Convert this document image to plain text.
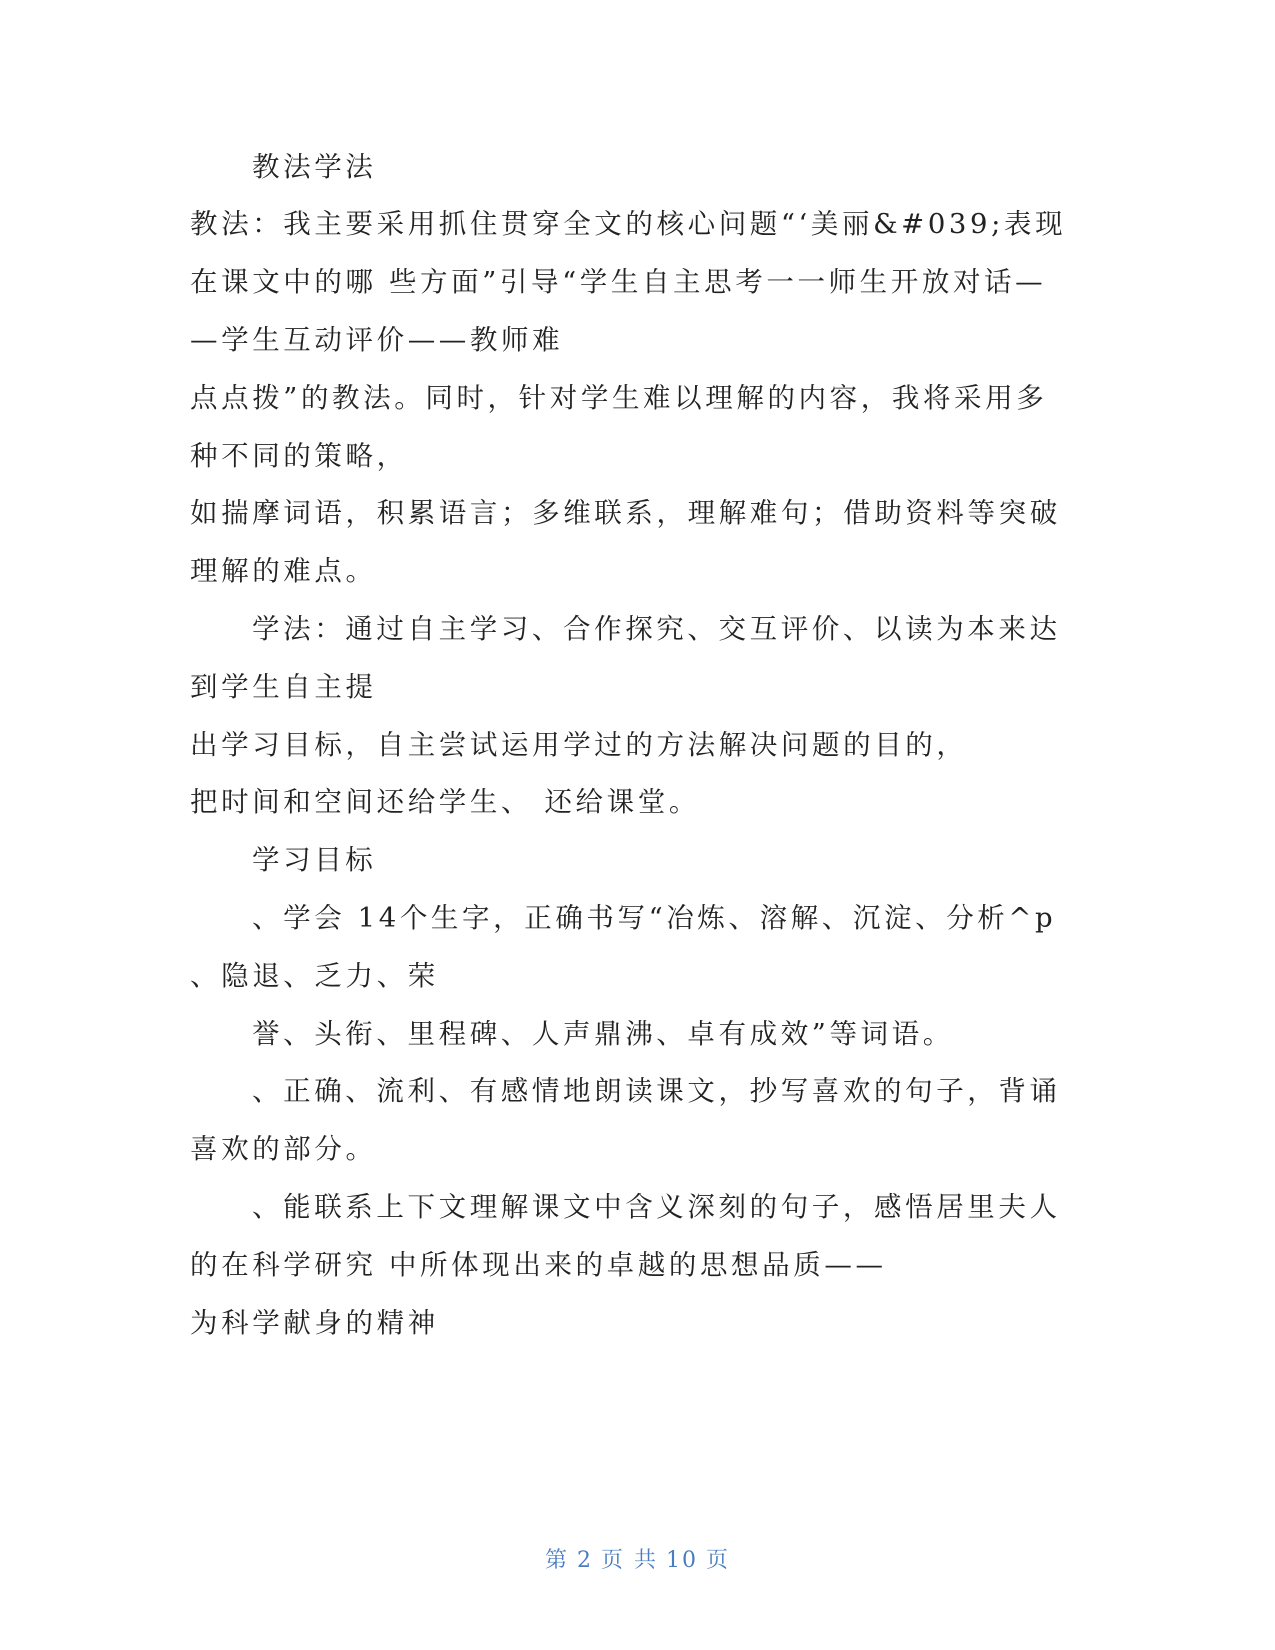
教法学法

教法：我主要采用抓住贯穿全文的核心问题“‘美丽&#039;表现

在课文中的哪 些方面”引导“学生自主思考一一师生开放对话—

—学生互动评价——教师难

点点拨”的教法。同时，针对学生难以理解的内容，我将采用多

种不同的策略，

如揣摩词语，积累语言；多维联系，理解难句；借助资料等突破

理解的难点。

学法：通过自主学习、合作探究、交互评价、以读为本来达

到学生自主提

出学习目标，自主尝试运用学过的方法解决问题的目的，

把时间和空间还给学生、 还给课堂。

学习目标

、学会 14个生字，正确书写“冶炼、溶解、沉淀、分析^p

、隐退、乏力、荣

誉、头衔、里程碑、人声鼎沸、卓有成效”等词语。

、正确、流利、有感情地朗读课文，抄写喜欢的句子，背诵

喜欢的部分。

、能联系上下文理解课文中含义深刻的句子，感悟居里夫人

的在科学研究 中所体现出来的卓越的思想品质——

为科学献身的精神

第 2 页 共 10 页
